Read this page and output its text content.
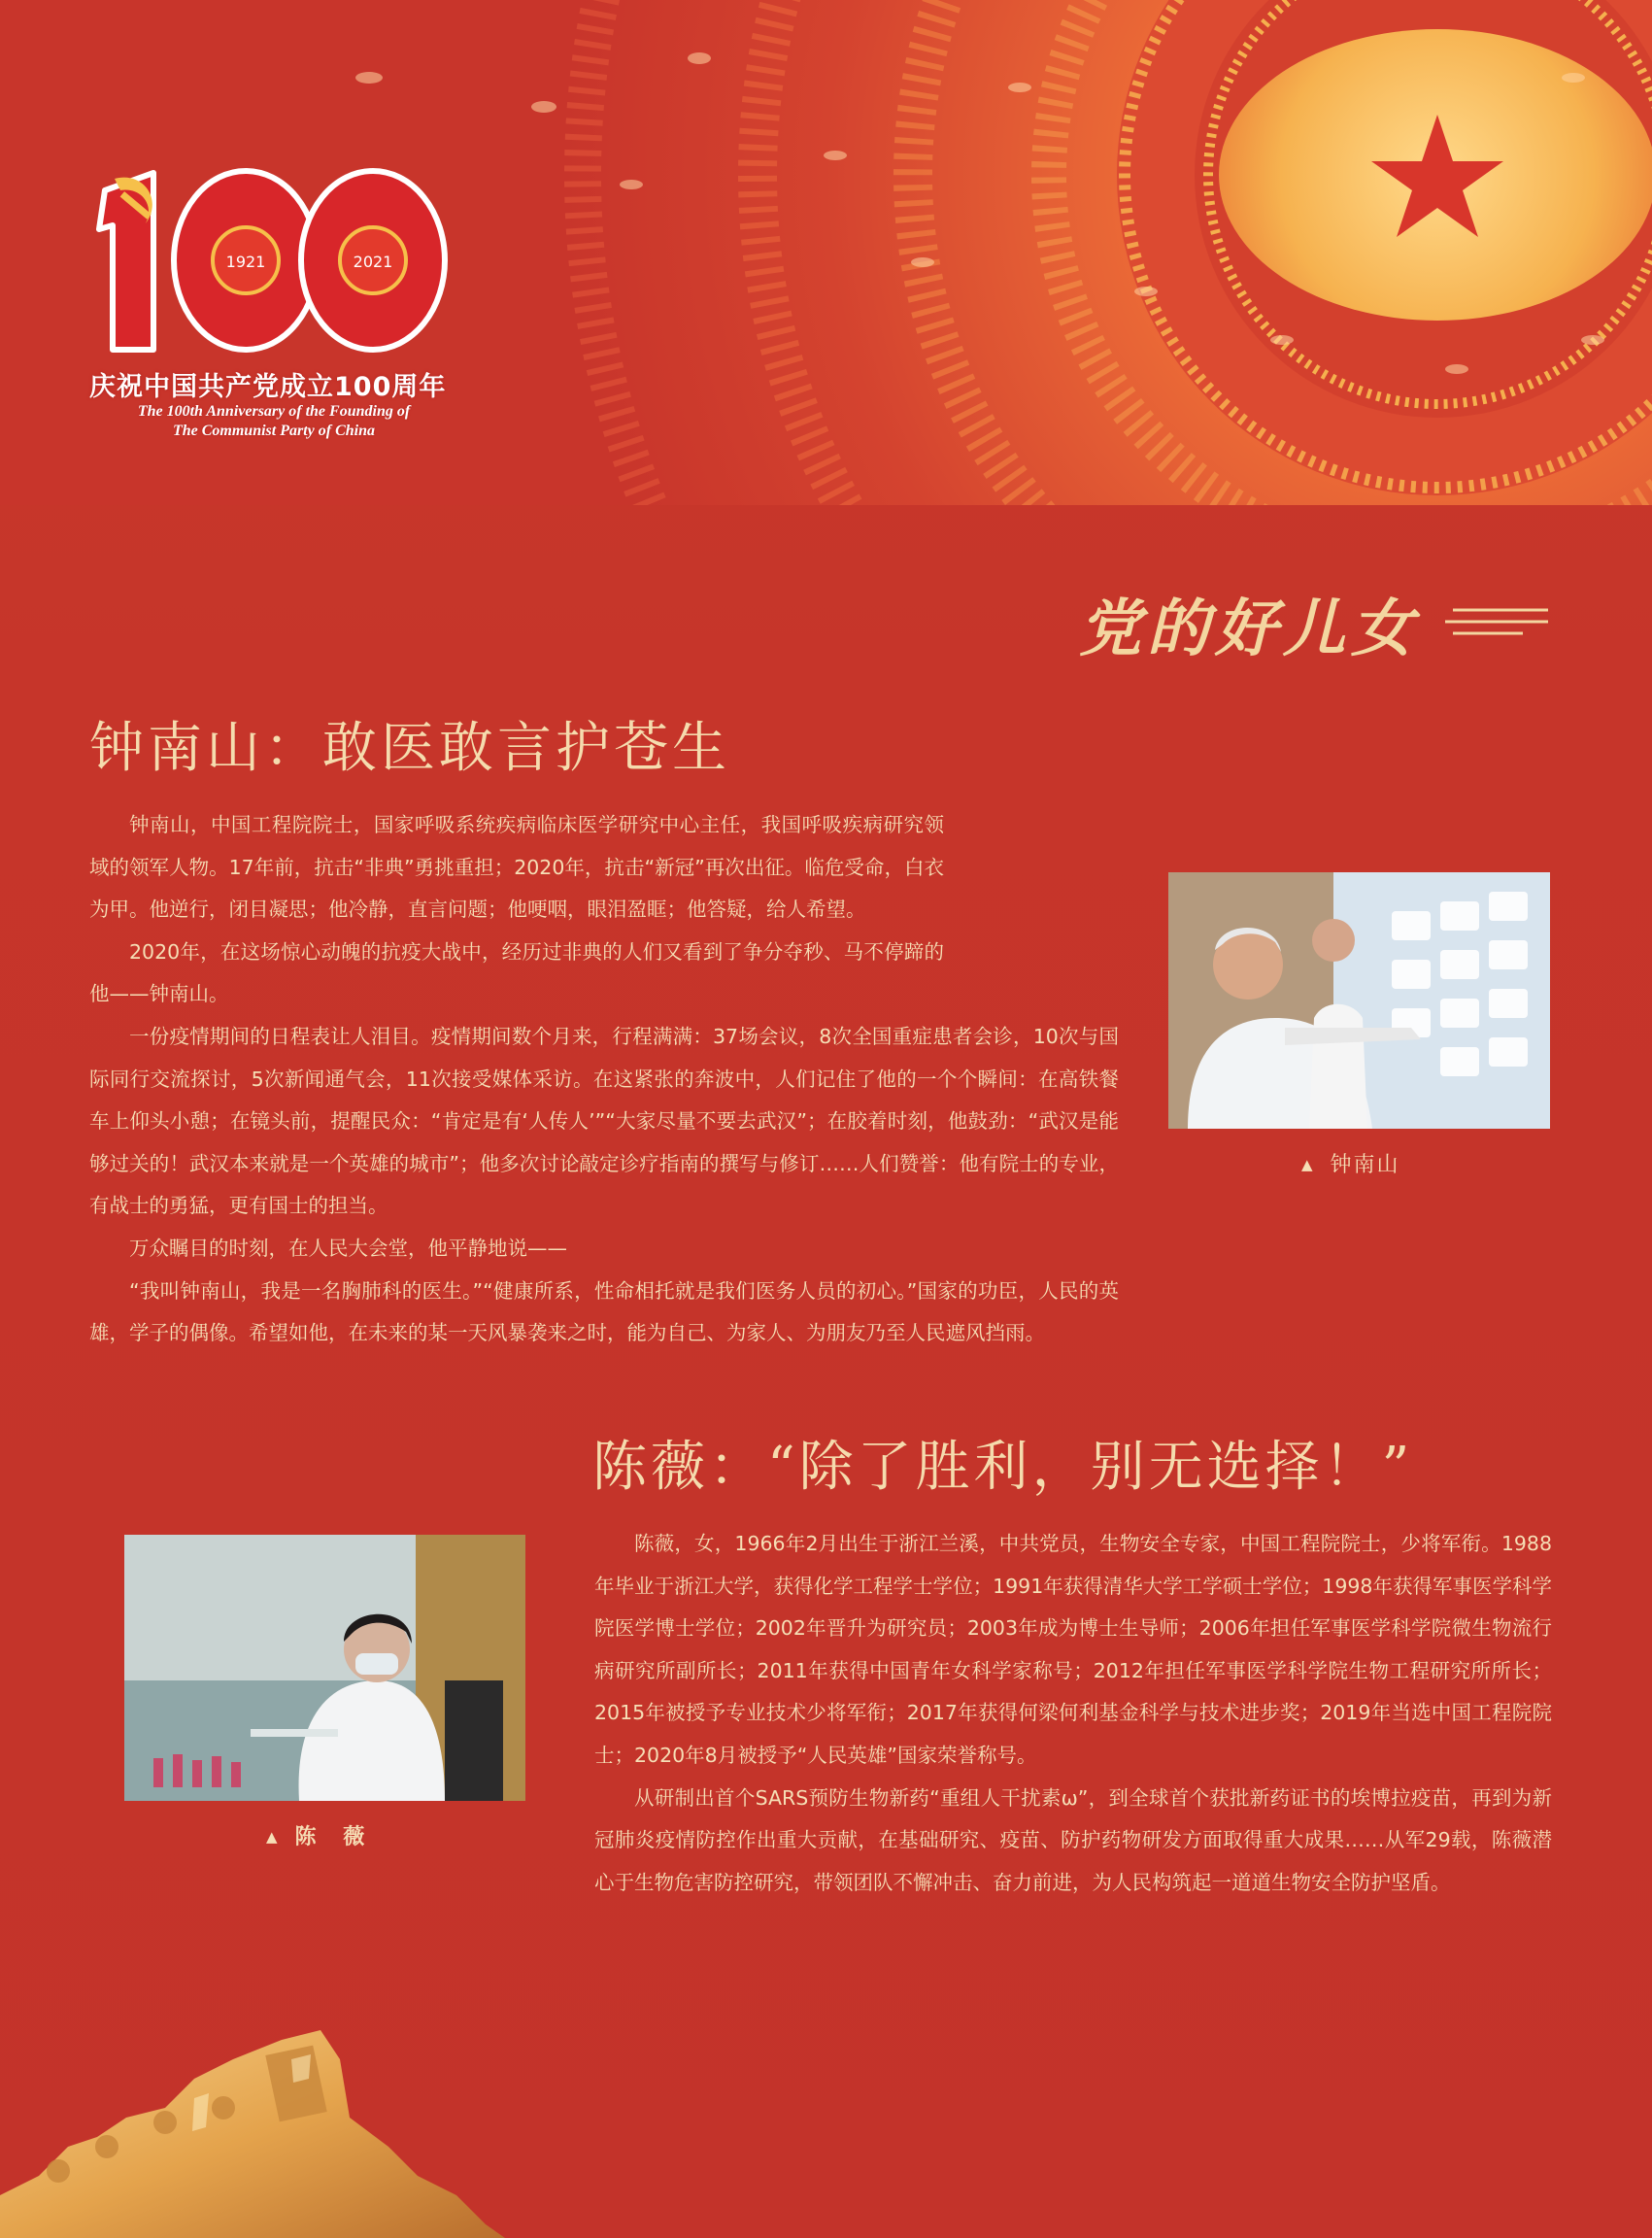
1921	2021
庆祝中国共产党成立100周年
The 100th Anniversary of the Founding of
The Communist Party of China
党的好儿女
钟南山：敢医敢言护苍生

钟南山，中国工程院院士，国家呼吸系统疾病临床医学研究中心主任，我国呼吸疾病研究领域的领军人物。17年前，抗击“非典”勇挑重担；2020年，抗击“新冠”再次出征。临危受命，白衣为甲。他逆行，闭目凝思；他冷静，直言问题；他哽咽，眼泪盈眶；他答疑，给人希望。

2020年，在这场惊心动魄的抗疫大战中，经历过非典的人们又看到了争分夺秒、马不停蹄的他——钟南山。

一份疫情期间的日程表让人泪目。疫情期间数个月来，行程满满：37场会议，8次全国重症患者会诊，10次与国际同行交流探讨，5次新闻通气会，11次接受媒体采访。在这紧张的奔波中，人们记住了他的一个个瞬间：在高铁餐车上仰头小憩；在镜头前，提醒民众：“肯定是有‘人传人’”“大家尽量不要去武汉”；在胶着时刻，他鼓劲：“武汉是能够过关的！武汉本来就是一个英雄的城市”；他多次讨论敲定诊疗指南的撰写与修订……人们赞誉：他有院士的专业，有战士的勇猛，更有国士的担当。

万众瞩目的时刻，在人民大会堂，他平静地说——

“我叫钟南山，我是一名胸肺科的医生。”“健康所系，性命相托就是我们医务人员的初心。”国家的功臣，人民的英雄，学子的偶像。希望如他，在未来的某一天风暴袭来之时，能为自己、为家人、为朋友乃至人民遮风挡雨。

▲ 钟南山
陈薇：“除了胜利，别无选择！”

陈薇，女，1966年2月出生于浙江兰溪，中共党员，生物安全专家，中国工程院院士，少将军衔。1988年毕业于浙江大学，获得化学工程学士学位；1991年获得清华大学工学硕士学位；1998年获得军事医学科学院医学博士学位；2002年晋升为研究员；2003年成为博士生导师；2006年担任军事医学科学院微生物流行病研究所副所长；2011年获得中国青年女科学家称号；2012年担任军事医学科学院生物工程研究所所长；2015年被授予专业技术少将军衔；2017年获得何梁何利基金科学与技术进步奖；2019年当选中国工程院院士；2020年8月被授予“人民英雄”国家荣誉称号。

从研制出首个SARS预防生物新药“重组人干扰素ω”，到全球首个获批新药证书的埃博拉疫苗，再到为新冠肺炎疫情防控作出重大贡献，在基础研究、疫苗、防护药物研发方面取得重大成果……从军29载，陈薇潜心于生物危害防控研究，带领团队不懈冲击、奋力前进，为人民构筑起一道道生物安全防护坚盾。

▲ 陈 薇
